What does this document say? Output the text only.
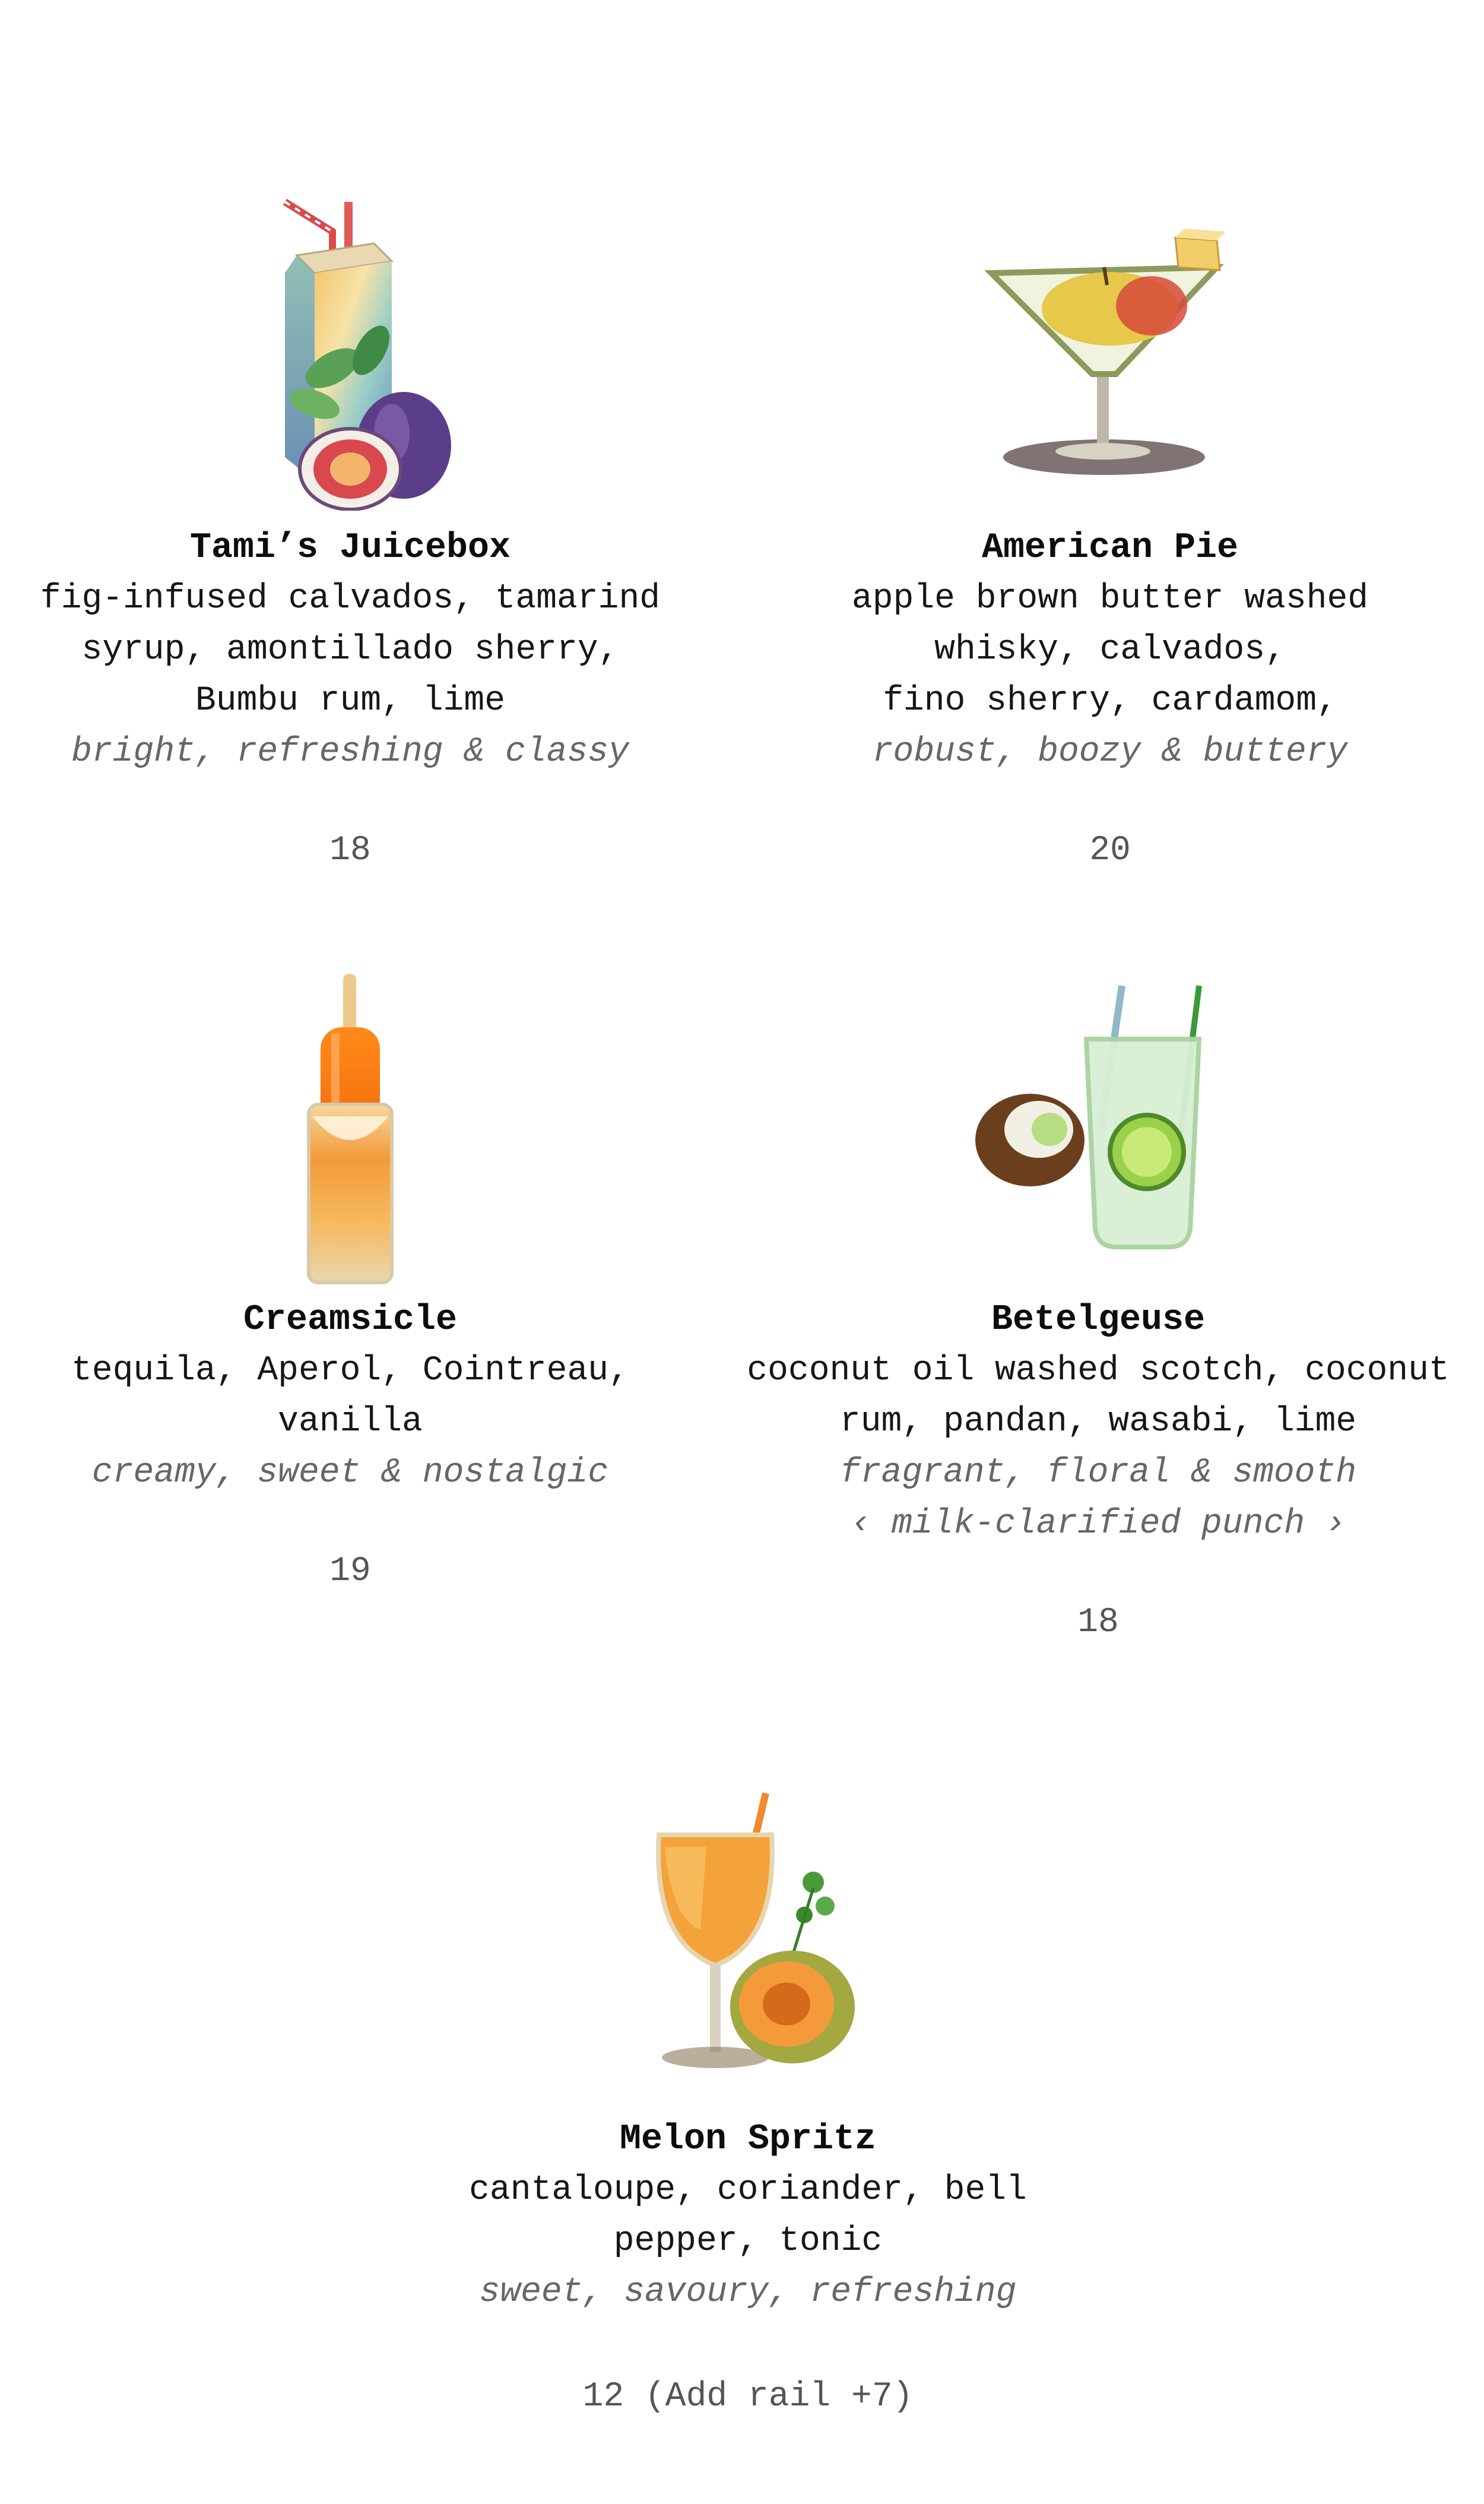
Tami’s Juicebox
fig-infused calvados, tamarind
syrup, amontillado sherry,
Bumbu rum, lime
bright, refreshing & classy
18
American Pie
apple brown butter washed
whisky, calvados,
fino sherry, cardamom,
robust, boozy & buttery
20
Creamsicle
tequila, Aperol, Cointreau,
vanilla
creamy, sweet & nostalgic
19
Betelgeuse
coconut oil washed scotch, coconut
rum, pandan, wasabi, lime
fragrant, floral & smooth
‹ milk-clarified punch ›
18
Melon Spritz
cantaloupe, coriander, bell
pepper, tonic
sweet, savoury, refreshing
12 (Add rail +7)
